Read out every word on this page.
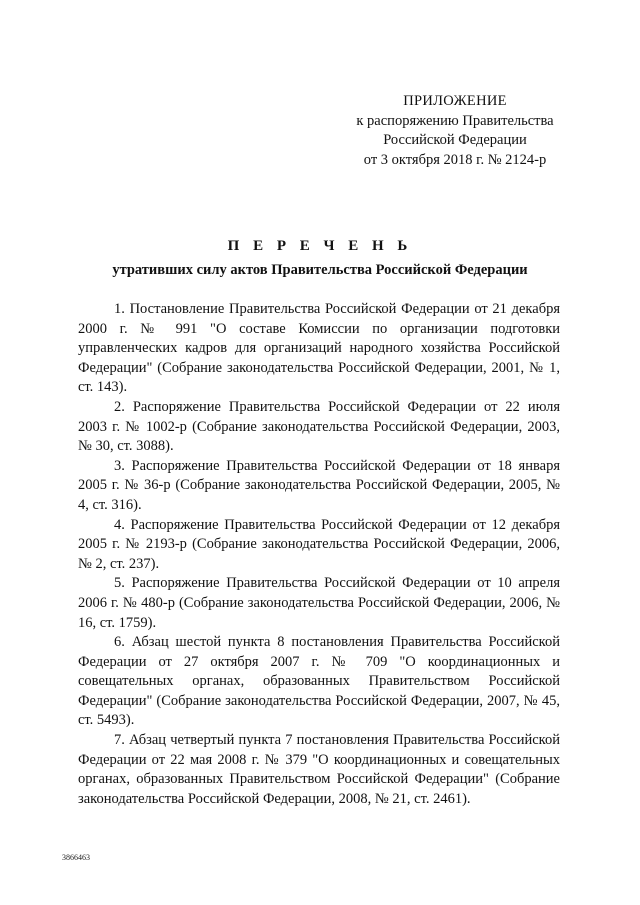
ПРИЛОЖЕНИЕ
к распоряжению Правительства
Российской Федерации
от 3 октября 2018 г. № 2124-р
П Е Р Е Ч Е Н Ь
утративших силу актов Правительства Российской Федерации

1. Постановление Правительства Российской Федерации от 21 декабря 2000 г. № 991 "О составе Комиссии по организации подготовки управленческих кадров для организаций народного хозяйства Российской Федерации" (Собрание законодательства Российской Федерации, 2001, № 1, ст. 143).

2. Распоряжение Правительства Российской Федерации от 22 июля 2003 г. № 1002-р (Собрание законодательства Российской Федерации, 2003, № 30, ст. 3088).

3. Распоряжение Правительства Российской Федерации от 18 января 2005 г. № 36-р (Собрание законодательства Российской Федерации, 2005, № 4, ст. 316).

4. Распоряжение Правительства Российской Федерации от 12 декабря 2005 г. № 2193-р (Собрание законодательства Российской Федерации, 2006, № 2, ст. 237).

5. Распоряжение Правительства Российской Федерации от 10 апреля 2006 г. № 480-р (Собрание законодательства Российской Федерации, 2006, № 16, ст. 1759).

6. Абзац шестой пункта 8 постановления Правительства Российской Федерации от 27 октября 2007 г. № 709 "О координационных и совещательных органах, образованных Правительством Российской Федерации" (Собрание законодательства Российской Федерации, 2007, № 45, ст. 5493).

7. Абзац четвертый пункта 7 постановления Правительства Российской Федерации от 22 мая 2008 г. № 379 "О координационных и совещательных органах, образованных Правительством Российской Федерации" (Собрание законодательства Российской Федерации, 2008, № 21, ст. 2461).

3866463
